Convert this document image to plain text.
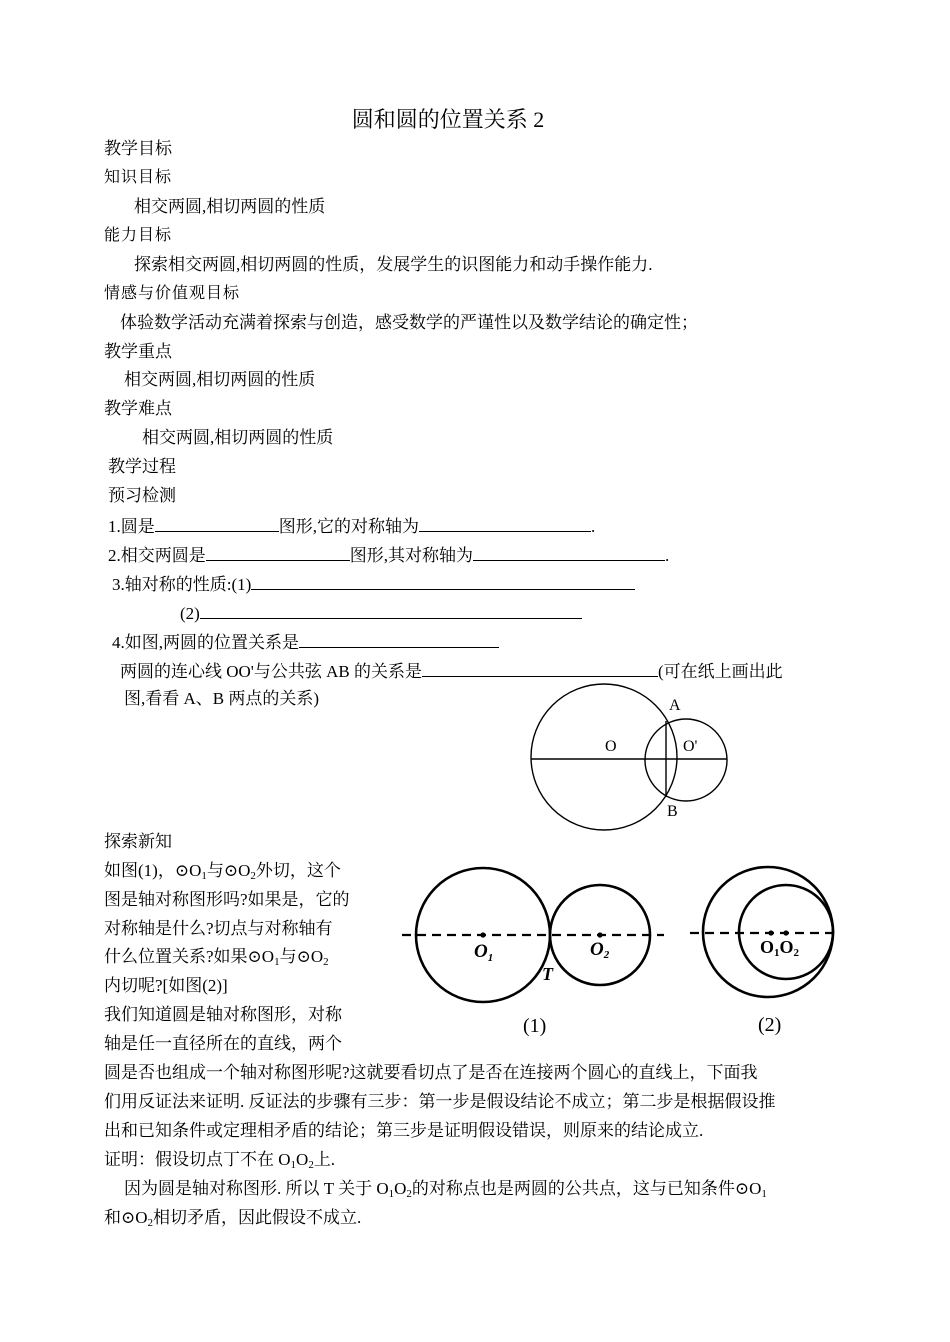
圆和圆的位置关系 2
教学目标
知识目标
相交两圆,相切两圆的性质
能力目标
探索相交两圆,相切两圆的性质，发展学生的识图能力和动手操作能力.
情感与价值观目标
体验数学活动充满着探索与创造，感受数学的严谨性以及数学结论的确定性；
教学重点
相交两圆,相切两圆的性质
教学难点
相交两圆,相切两圆的性质
教学过程
预习检测
1.圆是	图形,它的对称轴为	.
2.相交两圆是	图形,其对称轴为	.
3.轴对称的性质:(1)
(2)
4.如图,两圆的位置关系是
两圆的连心线 OO'与公共弦 AB 的关系是	(可在纸上画出此
图,看看 A、B 两点的关系)	A
B
O	O'
探索新知
如图(1)，$⊙O_1$与$⊙O_2$外切，这个
图是轴对称图形吗?如果是，它的
对称轴是什么?切点与对称轴有
什么位置关系?如果$⊙O_1$与$⊙O_2$
内切呢?[如图(2)]
我们知道圆是轴对称图形，对称
轴是任一直径所在的直线，两个
圆是否也组成一个轴对称图形呢?这就要看切点了是否在连接两个圆心的直线上，下面我
们用反证法来证明. 反证法的步骤有三步：第一步是假设结论不成立；第二步是根据假设推
出和已知条件或定理相矛盾的结论；第三步是证明假设错误，则原来的结论成立.
证明：假设切点丁不在 $O_1O_2$上.
因为圆是轴对称图形. 所以 T 关于 $O_1O_2$的对称点也是两圆的公共点，这与已知条件$⊙O_1$
和$⊙O_2$相切矛盾，因此假设不成立.
$O_1$	O2
T
(1)
O1O2
(2)
